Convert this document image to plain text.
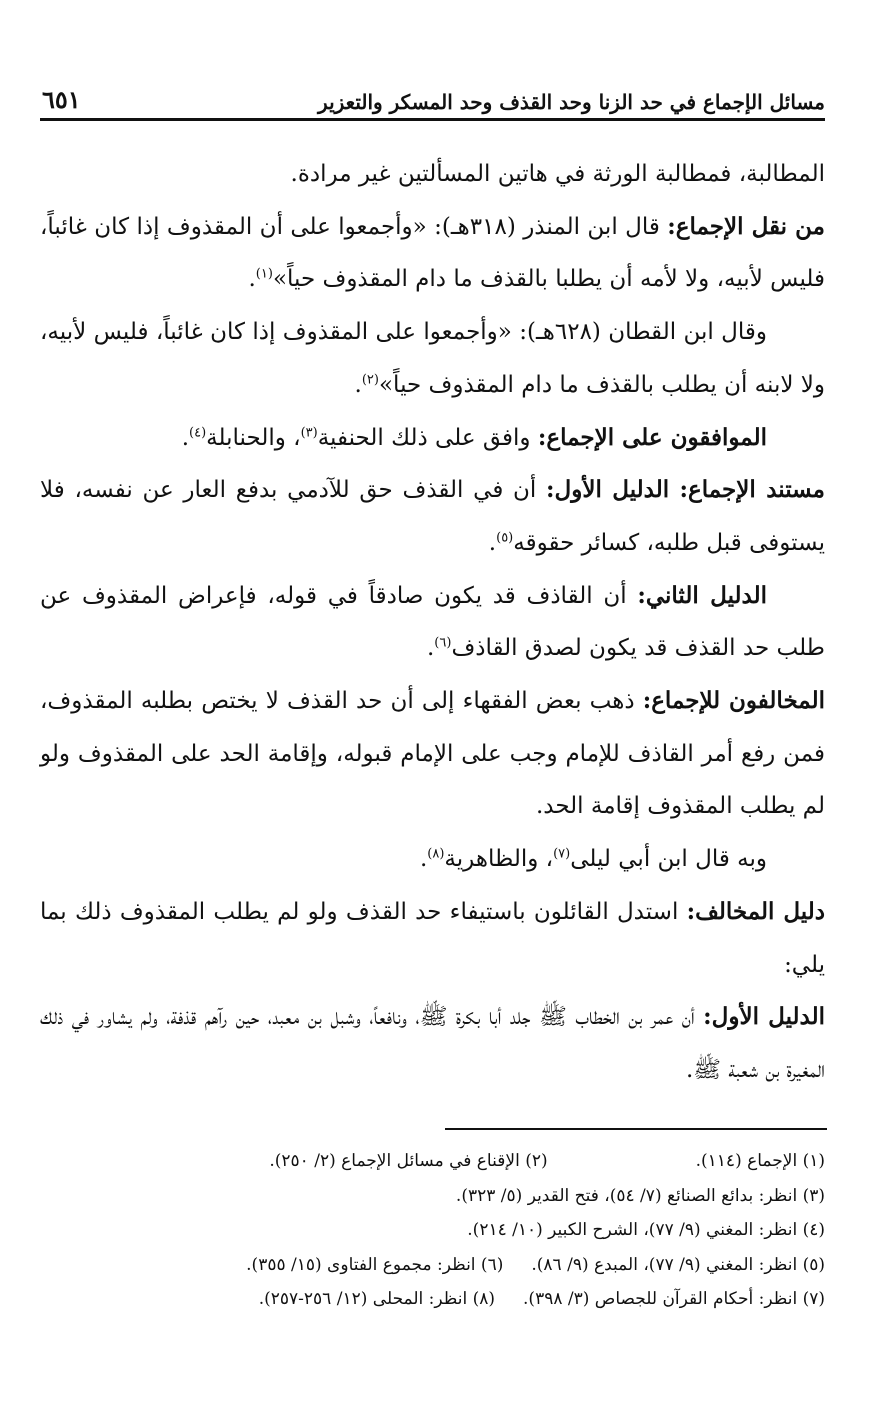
مسائل الإجماع في حد الزنا وحد القذف وحد المسكر والتعزير
٦٥١

المطالبة، فمطالبة الورثة في هاتين المسألتين غير مرادة.

من نقل الإجماع: قال ابن المنذر (٣١٨هـ): «وأجمعوا على أن المقذوف إذا كان غائباً، فليس لأبيه، ولا لأمه أن يطلبا بالقذف ما دام المقذوف حياً»$^{(١)}$.

وقال ابن القطان (٦٢٨هـ): «وأجمعوا على المقذوف إذا كان غائباً، فليس لأبيه، ولا لابنه أن يطلب بالقذف ما دام المقذوف حياً»$^{(٢)}$.

الموافقون على الإجماع: وافق على ذلك الحنفية$^{(٣)}$، والحنابلة$^{(٤)}$.

مستند الإجماع: الدليل الأول: أن في القذف حق للآدمي بدفع العار عن نفسه، فلا يستوفى قبل طلبه، كسائر حقوقه$^{(٥)}$.

الدليل الثاني: أن القاذف قد يكون صادقاً في قوله، فإعراض المقذوف عن طلب حد القذف قد يكون لصدق القاذف$^{(٦)}$.

المخالفون للإجماع: ذهب بعض الفقهاء إلى أن حد القذف لا يختص بطلبه المقذوف، فمن رفع أمر القاذف للإمام وجب على الإمام قبوله، وإقامة الحد على المقذوف ولو لم يطلب المقذوف إقامة الحد.

وبه قال ابن أبي ليلى$^{(٧)}$، والظاهرية$^{(٨)}$.

دليل المخالف: استدل القائلون باستيفاء حد القذف ولو لم يطلب المقذوف ذلك بما يلي:

الدليل الأول: أن عمر بن الخطاب ﷺ جلد أبا بكرة ﷺ، ونافعاً، وشبل بن معبد، حين رآهم قذفة، ولم يشاور في ذلك المغيرة بن شعبة ﷺ.

(١) الإجماع (١١٤).(٢) الإقناع في مسائل الإجماع (٢/ ٢٥٠).
(٣) انظر: بدائع الصنائع (٧/ ٥٤)، فتح القدير (٥/ ٣٢٣).
(٤) انظر: المغني (٩/ ٧٧)، الشرح الكبير (١٠/ ٢١٤).
(٥) انظر: المغني (٩/ ٧٧)، المبدع (٩/ ٨٦).(٦) انظر: مجموع الفتاوى (١٥/ ٣٥٥).
(٧) انظر: أحكام القرآن للجصاص (٣/ ٣٩٨).(٨) انظر: المحلى (١٢/ ٢٥٦-٢٥٧).
